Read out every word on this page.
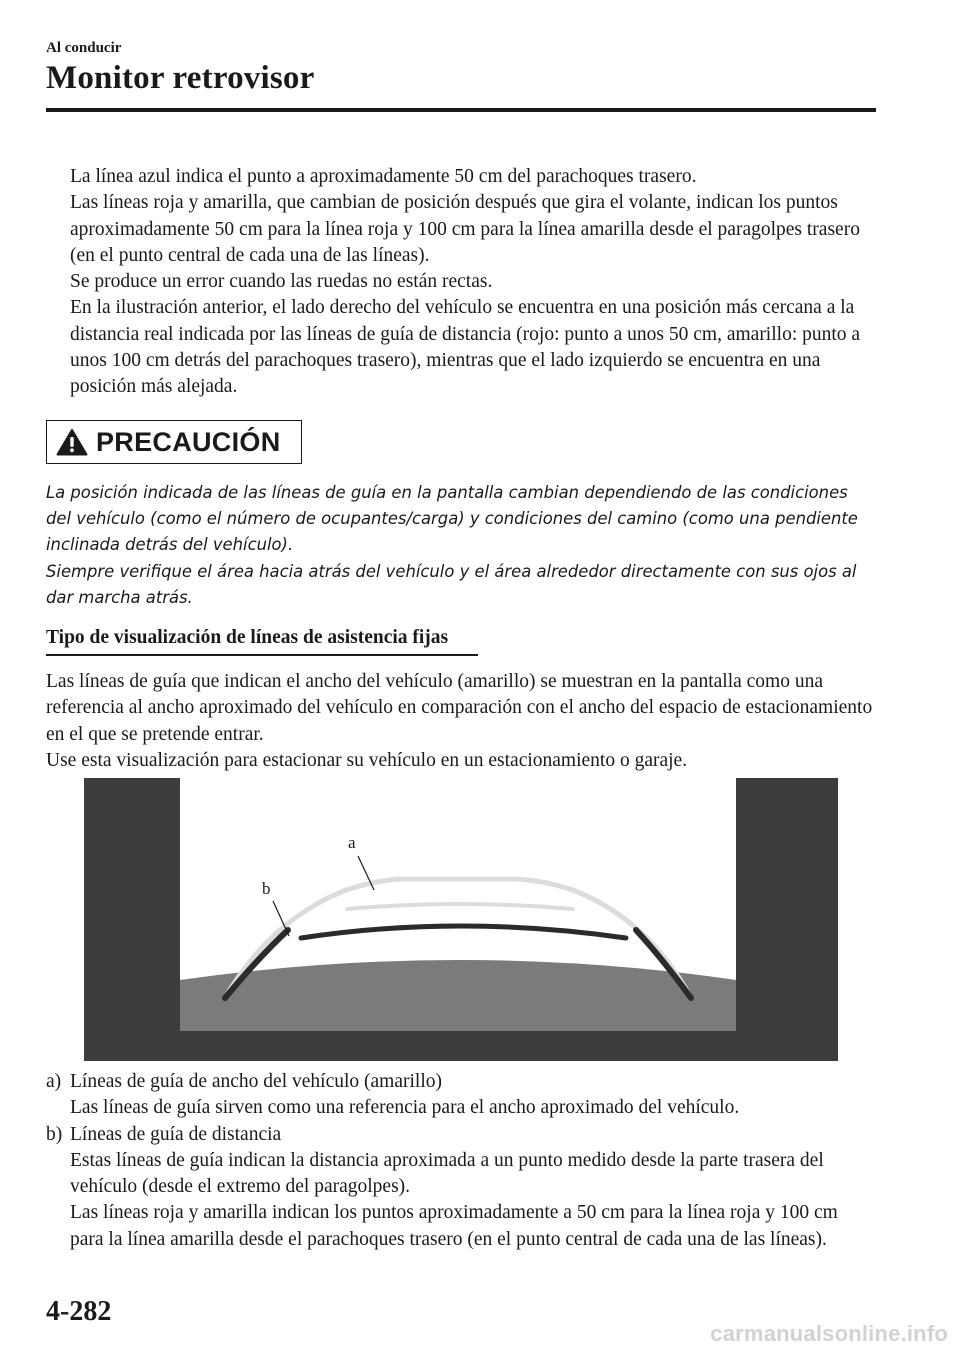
Al conducir
Monitor retrovisor

La línea azul indica el punto a aproximadamente 50 cm del parachoques trasero.

Las líneas roja y amarilla, que cambian de posición después que gira el volante, indican los puntos aproximadamente 50 cm para la línea roja y 100 cm para la línea amarilla desde el paragolpes trasero (en el punto central de cada una de las líneas).

Se produce un error cuando las ruedas no están rectas.

En la ilustración anterior, el lado derecho del vehículo se encuentra en una posición más cercana a la distancia real indicada por las líneas de guía de distancia (rojo: punto a unos 50 cm, amarillo: punto a unos 100 cm detrás del parachoques trasero), mientras que el lado izquierdo se encuentra en una posición más alejada.

PRECAUCIÓN

La posición indicada de las líneas de guía en la pantalla cambian dependiendo de las condiciones del vehículo (como el número de ocupantes/carga) y condiciones del camino (como una pendiente inclinada detrás del vehículo).

Siempre verifique el área hacia atrás del vehículo y el área alrededor directamente con sus ojos al dar marcha atrás.

Tipo de visualización de líneas de asistencia fijas

Las líneas de guía que indican el ancho del vehículo (amarillo) se muestran en la pantalla como una referencia al ancho aproximado del vehículo en comparación con el ancho del espacio de estacionamiento en el que se pretende entrar.

Use esta visualización para estacionar su vehículo en un estacionamiento o garaje.

a
b
a) Líneas de guía de ancho del vehículo (amarillo)
Las líneas de guía sirven como una referencia para el ancho aproximado del vehículo.
b) Líneas de guía de distancia
Estas líneas de guía indican la distancia aproximada a un punto medido desde la parte trasera del vehículo (desde el extremo del paragolpes).
Las líneas roja y amarilla indican los puntos aproximadamente a 50 cm para la línea roja y 100 cm para la línea amarilla desde el parachoques trasero (en el punto central de cada una de las líneas).
4-282
carmanualsonline.info
